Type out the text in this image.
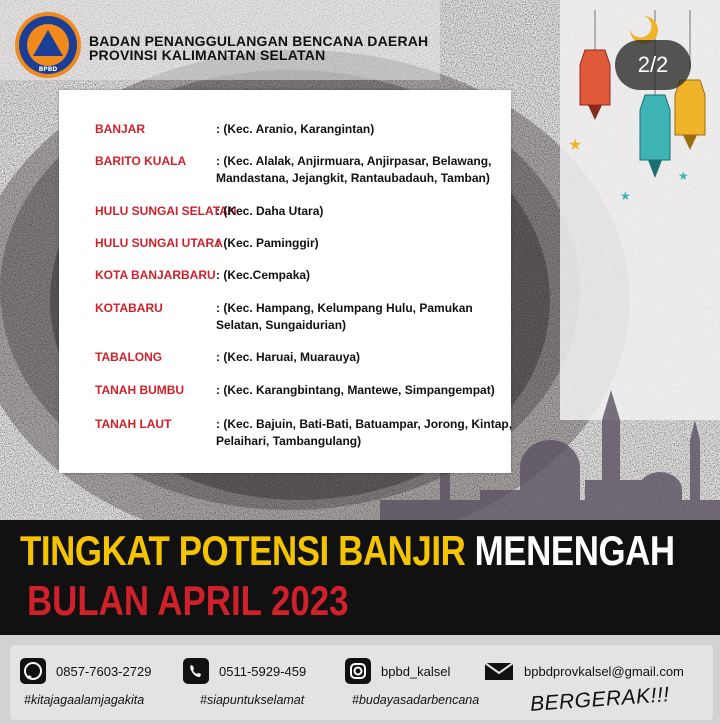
BPBD
BADAN PENANGGULANGAN BENCANA DAERAH
PROVINSI KALIMANTAN SELATAN
★
★
★
2/2
BANJAR	: (Kec. Aranio, Karangintan)
BARITO KUALA : (Kec. Alalak, Anjirmuara, Anjirpasar, Belawang, Mandastana, Jejangkit, Rantaubadauh, Tamban)
HULU SUNGAI SELATAN
: (Kec. Daha Utara)
HULU SUNGAI UTARA
: (Kec. Paminggir)
KOTA BANJARBARU : (Kec.Cempaka)
KOTABARU	: (Kec. Hampang, Kelumpang Hulu, Pamukan Selatan, Sungaidurian)
TABALONG	: (Kec. Haruai, Muarauya)
TANAH BUMBU	: (Kec. Karangbintang, Mantewe, Simpangempat)
TANAH LAUT	: (Kec. Bajuin, Bati-Bati, Batuampar, Jorong, Kintap, Pelaihari, Tambangulang)
TINGKAT POTENSI BANJIR MENENGAH
BULAN APRIL 2023
0857-7603-2729	0511-5929-459	bpbd_kalsel	bpbdprovkalsel@gmail.com
#kitajagaalamjagakita	#siapuntukselamat	#budayasadarbencana BERGERAK!!!
